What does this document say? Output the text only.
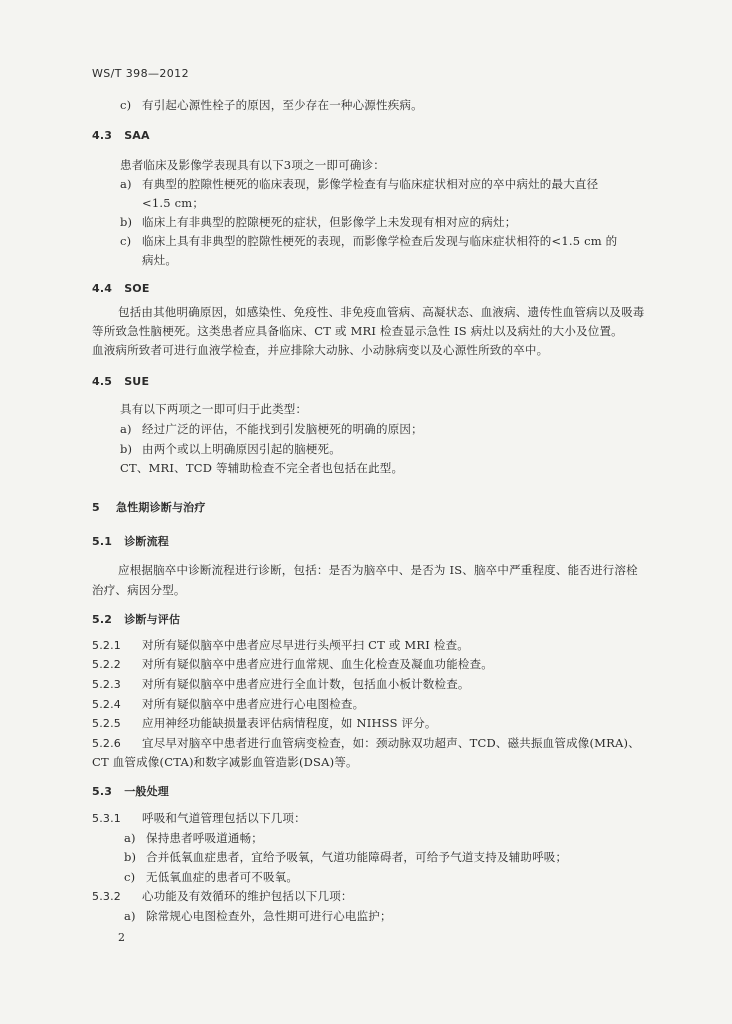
WS/T 398—2012
c) 有引起心源性栓子的原因，至少存在一种心源性疾病。
4.3 SAA
患者临床及影像学表现具有以下3项之一即可确诊：
a) 有典型的腔隙性梗死的临床表现，影像学检查有与临床症状相对应的卒中病灶的最大直径
<1.5 cm；
b) 临床上有非典型的腔隙梗死的症状，但影像学上未发现有相对应的病灶；
c) 临床上具有非典型的腔隙性梗死的表现，而影像学检查后发现与临床症状相符的<1.5 cm 的
病灶。
4.4 SOE
包括由其他明确原因，如感染性、免疫性、非免疫血管病、高凝状态、血液病、遗传性血管病以及吸毒
等所致急性脑梗死。这类患者应具备临床、CT 或 MRI 检查显示急性 IS 病灶以及病灶的大小及位置。
血液病所致者可进行血液学检查，并应排除大动脉、小动脉病变以及心源性所致的卒中。
4.5 SUE
具有以下两项之一即可归于此类型：
a) 经过广泛的评估，不能找到引发脑梗死的明确的原因；
b) 由两个或以上明确原因引起的脑梗死。
CT、MRI、TCD 等辅助检查不完全者也包括在此型。
5 急性期诊断与治疗
5.1 诊断流程
应根据脑卒中诊断流程进行诊断，包括：是否为脑卒中、是否为 IS、脑卒中严重程度、能否进行溶栓
治疗、病因分型。
5.2 诊断与评估
5.2.1 对所有疑似脑卒中患者应尽早进行头颅平扫 CT 或 MRI 检查。
5.2.2 对所有疑似脑卒中患者应进行血常规、血生化检查及凝血功能检查。
5.2.3 对所有疑似脑卒中患者应进行全血计数，包括血小板计数检查。
5.2.4 对所有疑似脑卒中患者应进行心电图检查。
5.2.5 应用神经功能缺损量表评估病情程度，如 NIHSS 评分。
5.2.6 宜尽早对脑卒中患者进行血管病变检查，如：颈动脉双功超声、TCD、磁共振血管成像(MRA)、
CT 血管成像(CTA)和数字减影血管造影(DSA)等。
5.3 一般处理
5.3.1 呼吸和气道管理包括以下几项：
a) 保持患者呼吸道通畅；
b) 合并低氧血症患者，宜给予吸氧，气道功能障碍者，可给予气道支持及辅助呼吸；
c) 无低氧血症的患者可不吸氧。
5.3.2 心功能及有效循环的维护包括以下几项：
a) 除常规心电图检查外，急性期可进行心电监护；
2
